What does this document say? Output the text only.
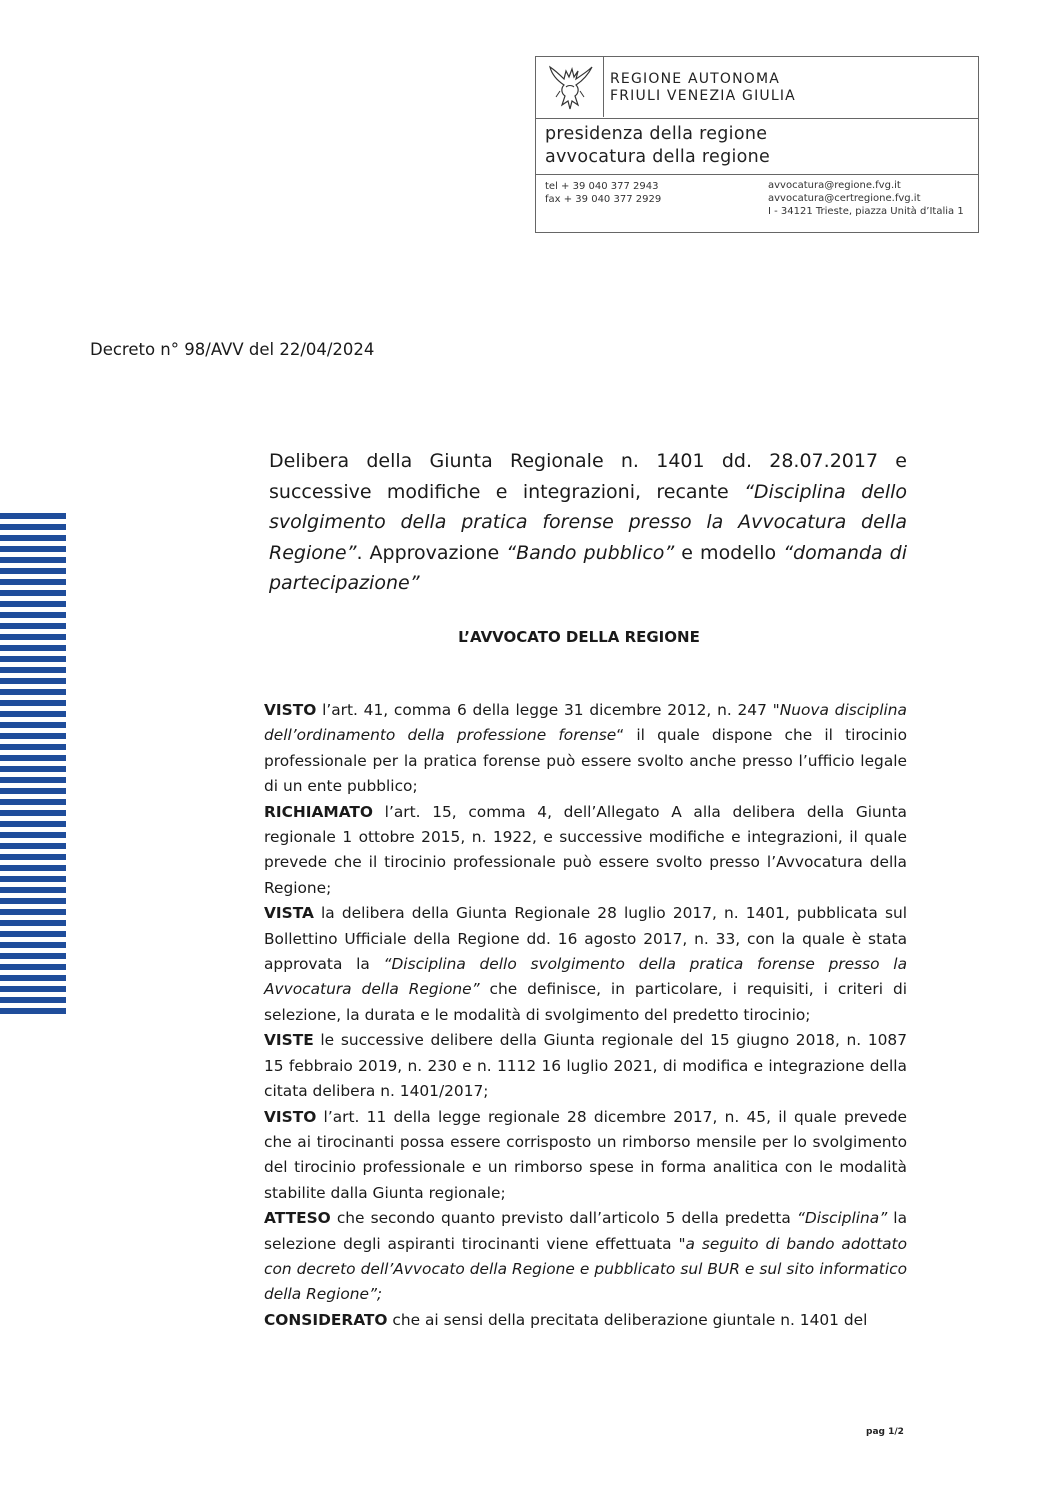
REGIONE AUTONOMA
FRIULI VENEZIA GIULIA
presidenza della regione
avvocatura della regione
tel + 39 040 377 2943
fax + 39 040 377 2929
avvocatura@regione.fvg.it
avvocatura@certregione.fvg.it
I - 34121 Trieste, piazza Unità d’Italia 1
Decreto n° 98/AVV del 22/04/2024
Delibera della Giunta Regionale n. 1401 dd. 28.07.2017 e successive modifiche e integrazioni, recante “Disciplina dello svolgimento della pratica forense presso la Avvocatura della Regione”. Approvazione “Bando pubblico” e modello “domanda di partecipazione”
L’AVVOCATO DELLA REGIONE

VISTO l’art. 41, comma 6 della legge 31 dicembre 2012, n. 247 "Nuova disciplina dell’ordinamento della professione forense“ il quale dispone che il tirocinio professionale per la pratica forense può essere svolto anche presso l’ufficio legale di un ente pubblico;

RICHIAMATO l’art. 15, comma 4, dell’Allegato A alla delibera della Giunta regionale 1 ottobre 2015, n. 1922, e successive modifiche e integrazioni, il quale prevede che il tirocinio professionale può essere svolto presso l’Avvocatura della Regione;

VISTA la delibera della Giunta Regionale 28 luglio 2017, n. 1401, pubblicata sul Bollettino Ufficiale della Regione dd. 16 agosto 2017, n. 33, con la quale è stata approvata la “Disciplina dello svolgimento della pratica forense presso la Avvocatura della Regione” che definisce, in particolare, i requisiti, i criteri di selezione, la durata e le modalità di svolgimento del predetto tirocinio;

VISTE le successive delibere della Giunta regionale del 15 giugno 2018, n. 1087 15 febbraio 2019, n. 230 e n. 1112 16 luglio 2021, di modifica e integrazione della citata delibera n. 1401/2017;

VISTO l’art. 11 della legge regionale 28 dicembre 2017, n. 45, il quale prevede che ai tirocinanti possa essere corrisposto un rimborso mensile per lo svolgimento del tirocinio professionale e un rimborso spese in forma analitica con le modalità stabilite dalla Giunta regionale;

ATTESO che secondo quanto previsto dall’articolo 5 della predetta “Disciplina” la selezione degli aspiranti tirocinanti viene effettuata "a seguito di bando adottato con decreto dell’Avvocato della Regione e pubblicato sul BUR e sul sito informatico della Regione”;

CONSIDERATO che ai sensi della precitata deliberazione giuntale n. 1401 del

pag 1/2
